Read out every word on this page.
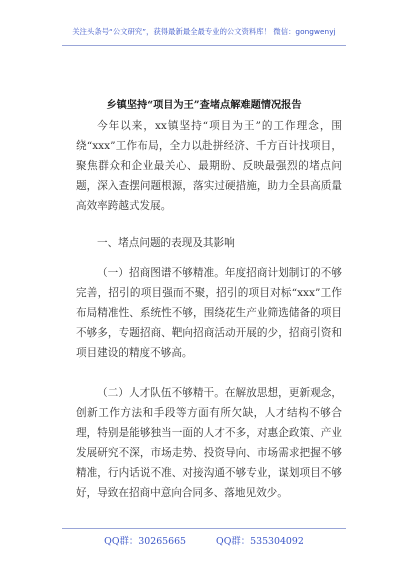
关注头条号“公文研究”，获得最新最全最专业的公文资料库！ 微信：gongwenyj
乡镇坚持“项目为王”查堵点解难题情况报告

今年以来，xx镇坚持“项目为王”的工作理念，围绕“xxx”工作布局，全力以赴拼经济、千方百计找项目，聚焦群众和企业最关心、最期盼、反映最强烈的堵点问题，深入查摆问题根源，落实过硬措施，助力全县高质量高效率跨越式发展。

一、堵点问题的表现及其影响

（一）招商图谱不够精准。年度招商计划制订的不够完善，招引的项目强而不聚，招引的项目对标“xxx”工作布局精准性、系统性不够，围绕花生产业筛选储备的项目不够多，专题招商、靶向招商活动开展的少，招商引资和项目建设的精度不够高。

（二）人才队伍不够精干。在解放思想，更新观念，创新工作方法和手段等方面有所欠缺，人才结构不够合理，特别是能够独当一面的人才不多，对惠企政策、产业发展研究不深，市场走势、投资导向、市场需求把握不够精准，行内话说不准、对接沟通不够专业，谋划项目不够好，导致在招商中意向合同多、落地见效少。

QQ群：30265665	QQ群：535304092
